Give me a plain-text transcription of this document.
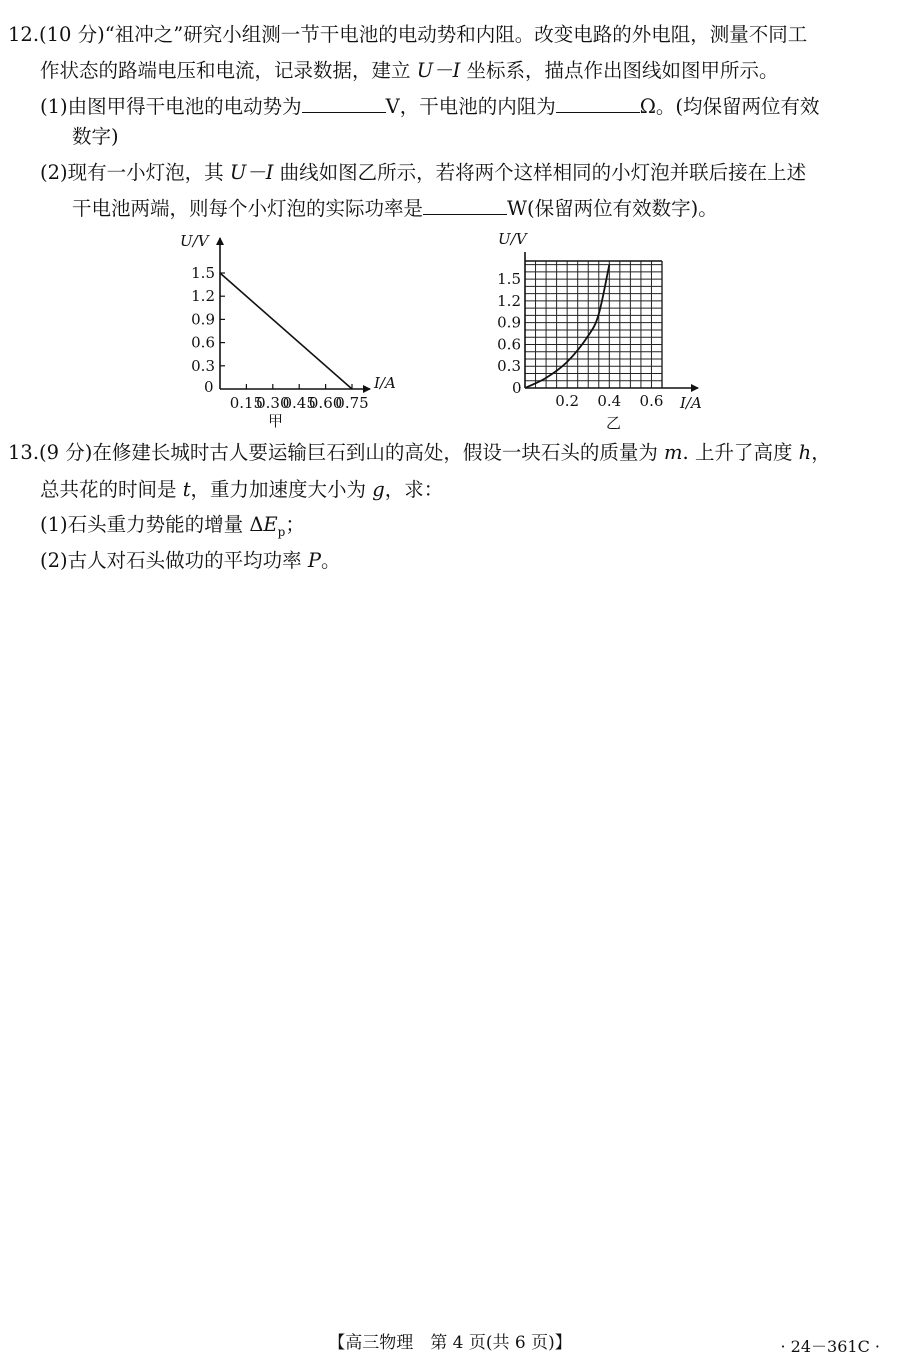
12.(10 分)“祖冲之”研究小组测一节干电池的电动势和内阻。改变电路的外电阻，测量不同工
作状态的路端电压和电流，记录数据，建立 U－I 坐标系，描点作出图线如图甲所示。
(1)由图甲得干电池的电动势为	V，干电池的内阻为	Ω。(均保留两位有效
数字)
(2)现有一小灯泡，其 U－I 曲线如图乙所示，若将两个这样相同的小灯泡并联后接在上述
干电池两端，则每个小灯泡的实际功率是	W(保留两位有效数字)。
U/V
I/A
0
1.5
1.2
0.9
0.6
0.3
0.15
0.30
0.45
0.60
0.75
甲
U/V
I/A
0
1.5
1.2
0.9
0.6
0.3
0.2 0.4 0.6
乙
13.(9 分)在修建长城时古人要运输巨石到山的高处，假设一块石头的质量为 m. 上升了高度 h，
总共花的时间是 t，重力加速度大小为 g，求：
(1)石头重力势能的增量 $\Delta E_p$；
(2)古人对石头做功的平均功率 P。
【高三物理　第 4 页(共 6 页)】	· 24－361C ·
